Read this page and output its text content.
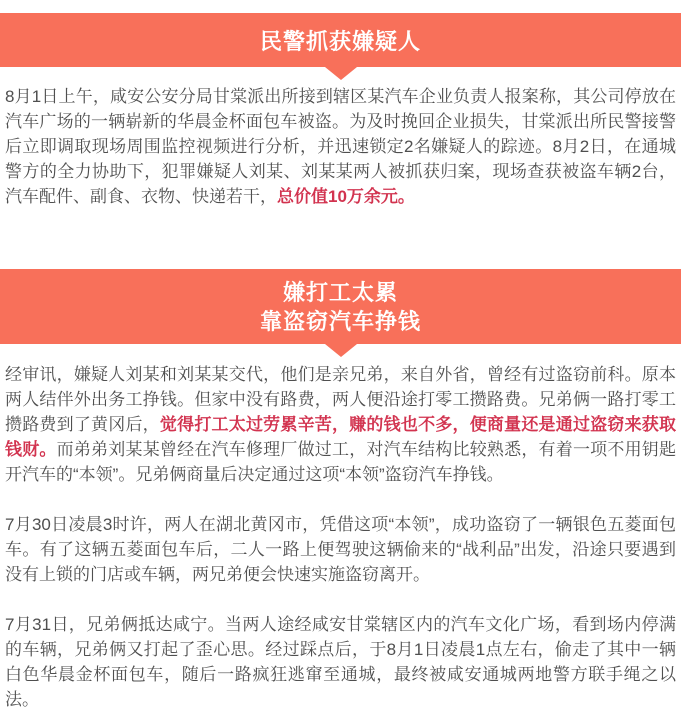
民警抓获嫌疑人

8月1日上午，咸安公安分局甘棠派出所接到辖区某汽车企业负责人报案称，其公司停放在汽车广场的一辆崭新的华晨金杯面包车被盗。为及时挽回企业损失，甘棠派出所民警接警后立即调取现场周围监控视频进行分析，并迅速锁定2名嫌疑人的踪迹。8月2日，在通城警方的全力协助下，犯罪嫌疑人刘某、刘某某两人被抓获归案，现场查获被盗车辆2台，汽车配件、副食、衣物、快递若干，总价值10万余元。

嫌打工太累
靠盗窃汽车挣钱

经审讯，嫌疑人刘某和刘某某交代，他们是亲兄弟，来自外省，曾经有过盗窃前科。原本两人结伴外出务工挣钱。但家中没有路费，两人便沿途打零工攒路费。兄弟俩一路打零工攒路费到了黄冈后，觉得打工太过劳累辛苦，赚的钱也不多，便商量还是通过盗窃来获取钱财。而弟弟刘某某曾经在汽车修理厂做过工，对汽车结构比较熟悉，有着一项不用钥匙开汽车的“本领”。兄弟俩商量后决定通过这项“本领”盗窃汽车挣钱。

7月30日凌晨3时许，两人在湖北黄冈市，凭借这项“本领”，成功盗窃了一辆银色五菱面包车。有了这辆五菱面包车后，二人一路上便驾驶这辆偷来的“战利品”出发，沿途只要遇到没有上锁的门店或车辆，两兄弟便会快速实施盗窃离开。

7月31日，兄弟俩抵达咸宁。当两人途经咸安甘棠辖区内的汽车文化广场，看到场内停满的车辆，兄弟俩又打起了歪心思。经过踩点后，于8月1日凌晨1点左右，偷走了其中一辆白色华晨金杯面包车，随后一路疯狂逃窜至通城，最终被咸安通城两地警方联手绳之以法。
